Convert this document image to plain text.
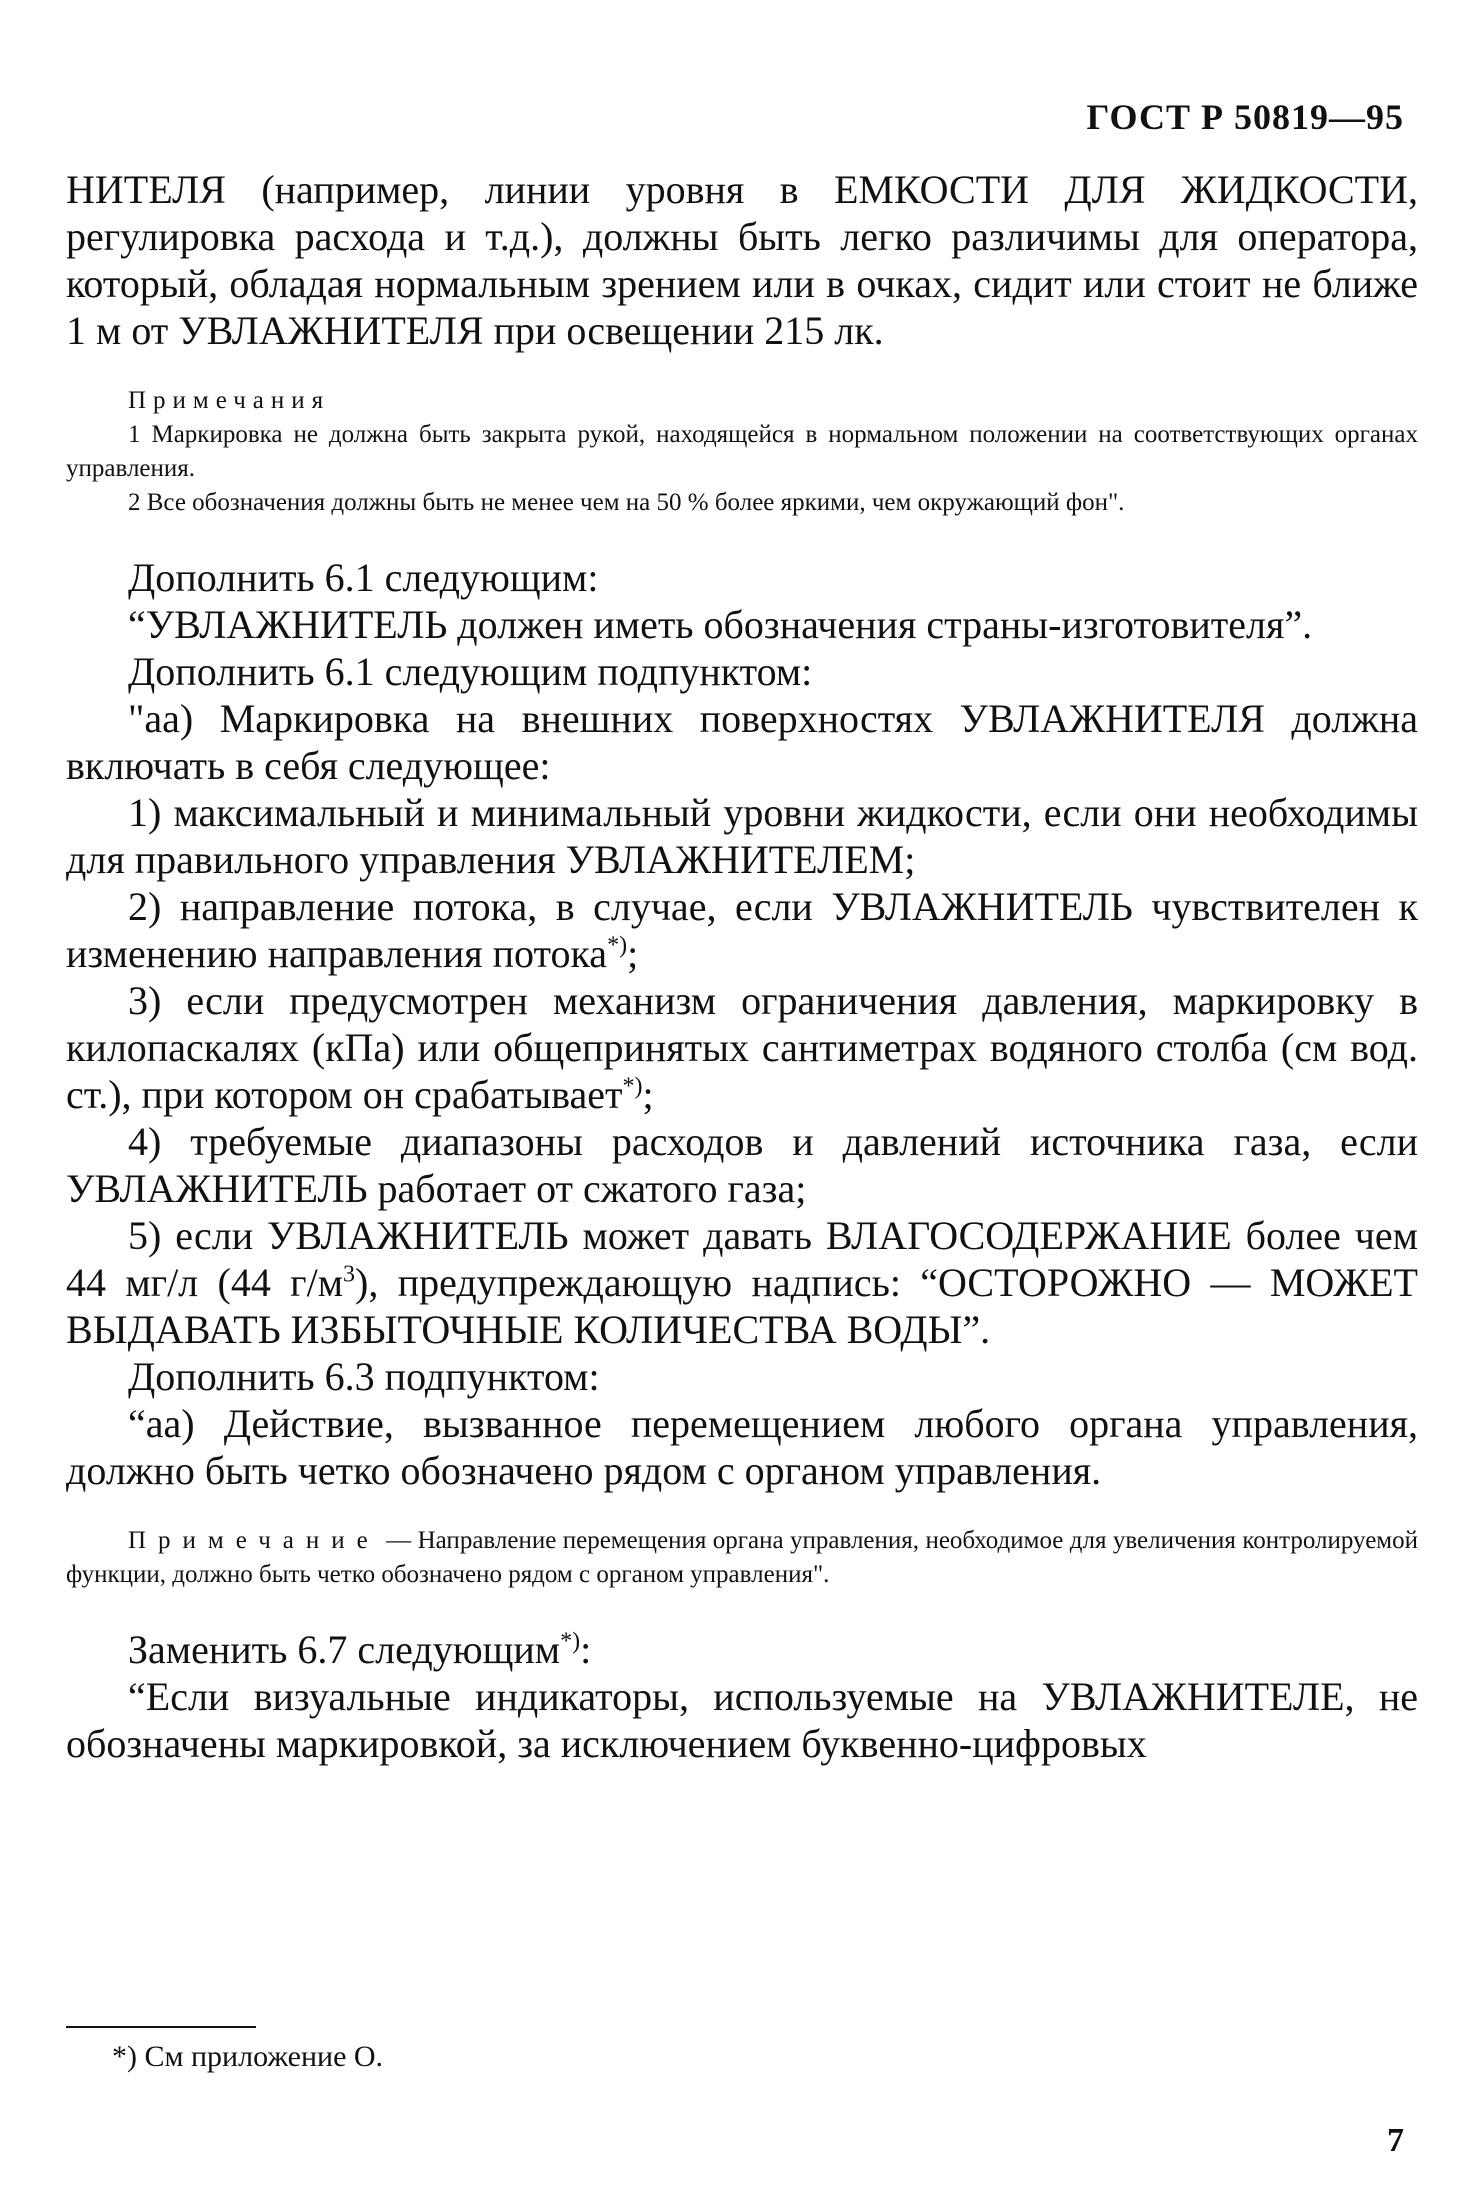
ГОСТ Р 50819—95

НИТЕЛЯ (например, линии уровня в ЕМКОСТИ ДЛЯ ЖИДКОСТИ, регулировка расхода и т.д.), должны быть легко различимы для оператора, который, обладая нормальным зрением или в очках, сидит или стоит не ближе 1 м от УВЛАЖНИТЕЛЯ при освещении 215 лк.

Примечания

1 Маркировка не должна быть закрыта рукой, находящейся в нормальном положении на соответствующих органах управления.

2 Все обозначения должны быть не менее чем на 50 % более яркими, чем окружающий фон".

Дополнить 6.1 следующим:

“УВЛАЖНИТЕЛЬ должен иметь обозначения страны-изготовителя”.

Дополнить 6.1 следующим подпунктом:

"аа) Маркировка на внешних поверхностях УВЛАЖНИТЕЛЯ должна включать в себя следующее:

1) максимальный и минимальный уровни жидкости, если они необходимы для правильного управления УВЛАЖНИТЕЛЕМ;

2) направление потока, в случае, если УВЛАЖНИТЕЛЬ чувствителен к изменению направления потока*);

3) если предусмотрен механизм ограничения давления, маркировку в килопаскалях (кПа) или общепринятых сантиметрах водяного столба (см вод. ст.), при котором он срабатывает*);

4) требуемые диапазоны расходов и давлений источника газа, если УВЛАЖНИТЕЛЬ работает от сжатого газа;

5) если УВЛАЖНИТЕЛЬ может давать ВЛАГОСОДЕРЖАНИЕ более чем 44 мг/л (44 $г/м^3$), предупреждающую надпись: “ОСТОРОЖНО — МОЖЕТ ВЫДАВАТЬ ИЗБЫТОЧНЫЕ КОЛИЧЕСТВА ВОДЫ”.

Дополнить 6.3 подпунктом:

“аа) Действие, вызванное перемещением любого органа управления, должно быть четко обозначено рядом с органом управления.

Примечание — Направление перемещения органа управления, необходимое для увеличения контролируемой функции, должно быть четко обозначено рядом с органом управления".

Заменить 6.7 следующим*):

“Если визуальные индикаторы, используемые на УВЛАЖНИТЕЛЕ, не обозначены маркировкой, за исключением буквенно-цифровых

*) См приложение О.
7
